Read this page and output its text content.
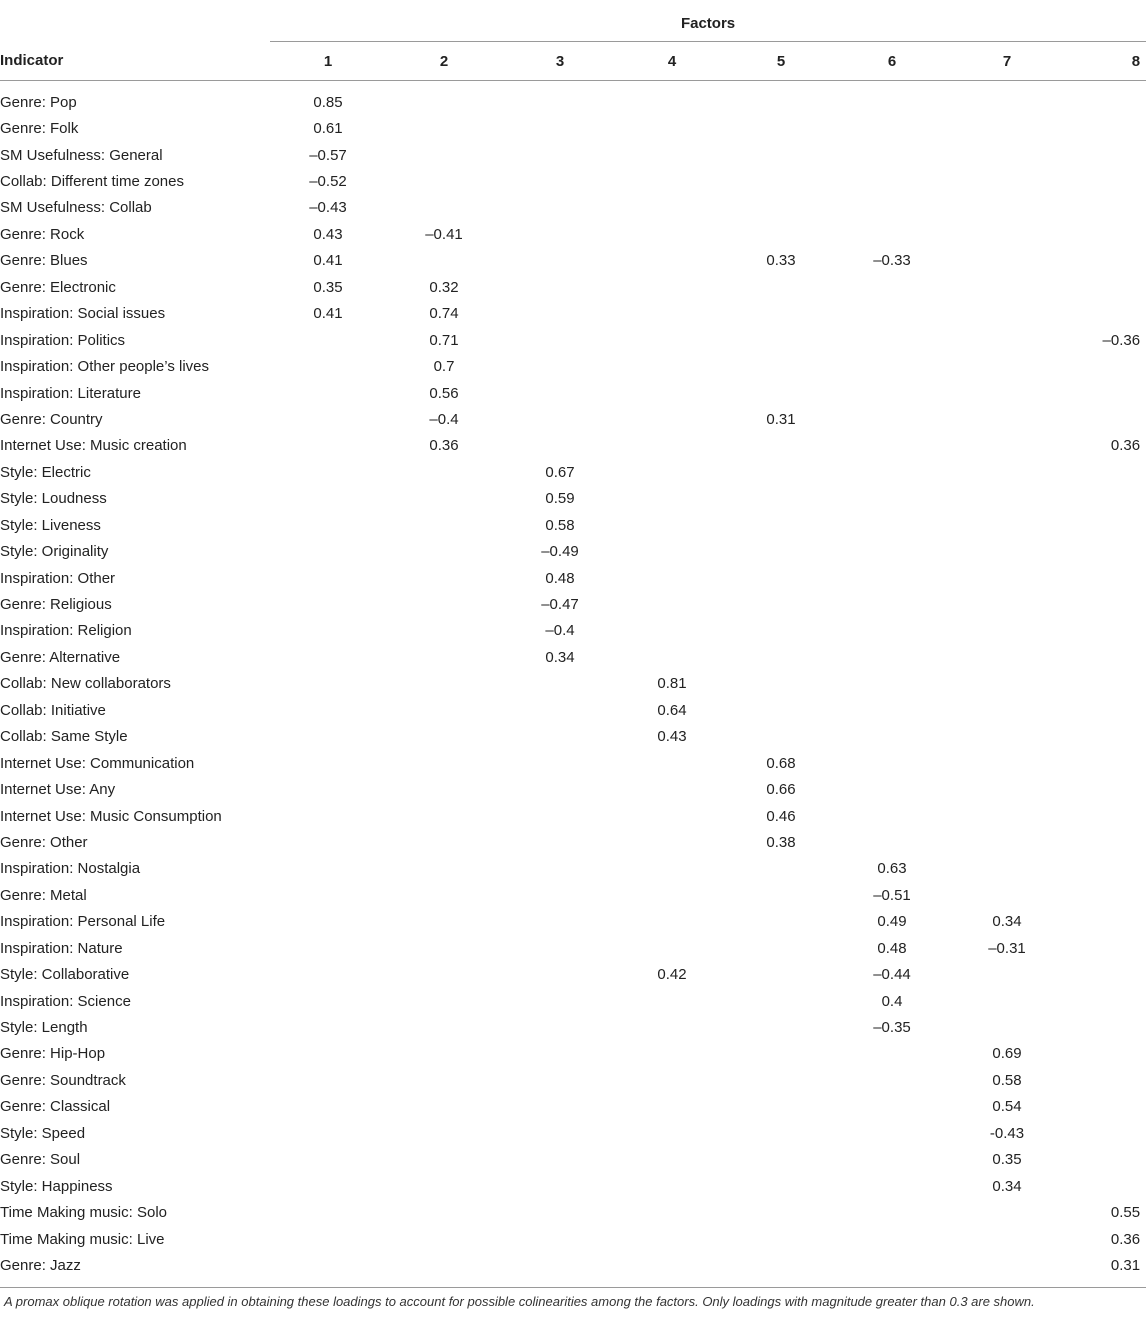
	Factors							
Indicator	1	2	3	4	5	6	7	8
Genre: Pop	0.85							
Genre: Folk	0.61							
SM Usefulness: General	–0.57							
Collab: Different time zones	–0.52							
SM Usefulness: Collab	–0.43							
Genre: Rock	0.43	–0.41						
Genre: Blues	0.41				0.33	–0.33		
Genre: Electronic	0.35	0.32						
Inspiration: Social issues	0.41	0.74						
Inspiration: Politics		0.71						–0.36
Inspiration: Other people’s lives		0.7						
Inspiration: Literature		0.56						
Genre: Country		–0.4			0.31			
Internet Use: Music creation		0.36						0.36
Style: Electric			0.67					
Style: Loudness			0.59					
Style: Liveness			0.58					
Style: Originality			–0.49					
Inspiration: Other			0.48					
Genre: Religious			–0.47					
Inspiration: Religion			–0.4					
Genre: Alternative			0.34					
Collab: New collaborators				0.81				
Collab: Initiative				0.64				
Collab: Same Style				0.43				
Internet Use: Communication					0.68			
Internet Use: Any					0.66			
Internet Use: Music Consumption					0.46			
Genre: Other					0.38			
Inspiration: Nostalgia						0.63		
Genre: Metal						–0.51		
Inspiration: Personal Life						0.49	0.34	
Inspiration: Nature						0.48	–0.31	
Style: Collaborative				0.42		–0.44		
Inspiration: Science						0.4		
Style: Length						–0.35		
Genre: Hip-Hop							0.69	
Genre: Soundtrack							0.58	
Genre: Classical							0.54	
Style: Speed							-0.43	
Genre: Soul							0.35	
Style: Happiness							0.34	
Time Making music: Solo								0.55
Time Making music: Live								0.36
Genre: Jazz								0.31
A promax oblique rotation was applied in obtaining these loadings to account for possible colinearities among the factors. Only loadings with magnitude greater than 0.3 are shown.
